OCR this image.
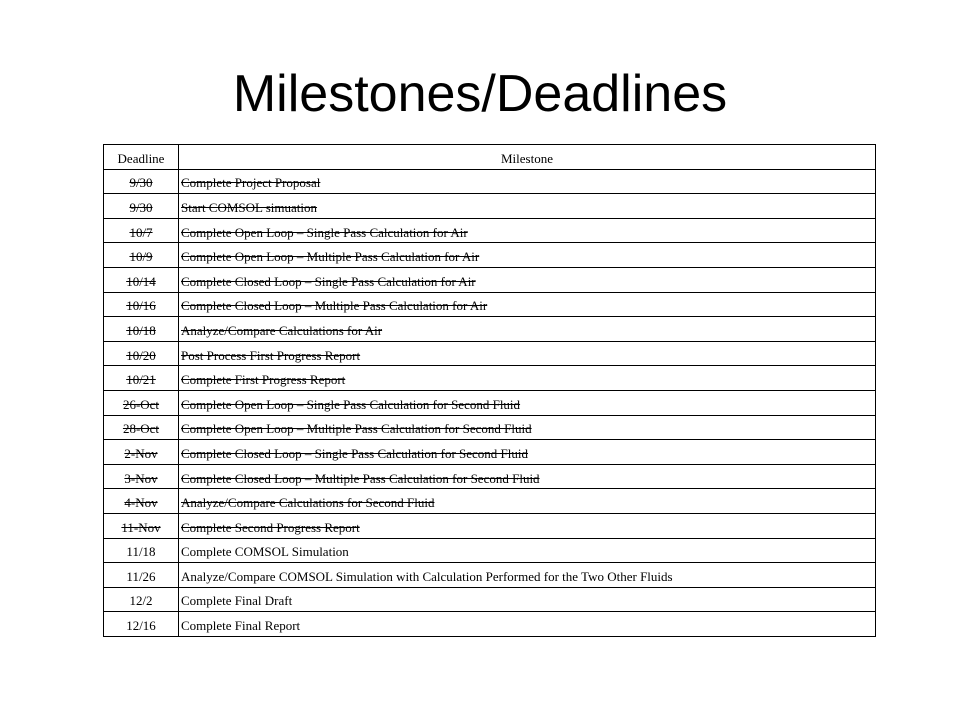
Milestones/Deadlines
Deadline	Milestone
9/30	Complete Project Proposal
9/30	Start COMSOL simuation
10/7	Complete Open Loop – Single Pass Calculation for Air
10/9	Complete Open Loop – Multiple Pass Calculation for Air
10/14	Complete Closed Loop – Single Pass Calculation for Air
10/16	Complete Closed Loop – Multiple Pass Calculation for Air
10/18	Analyze/Compare Calculations for Air
10/20	Post Process First Progress Report
10/21	Complete First Progress Report
26-Oct	Complete Open Loop – Single Pass Calculation for Second Fluid
28-Oct	Complete Open Loop – Multiple Pass Calculation for Second Fluid
2-Nov	Complete Closed Loop – Single Pass Calculation for Second Fluid
3-Nov	Complete Closed Loop – Multiple Pass Calculation for Second Fluid
4-Nov	Analyze/Compare Calculations for Second Fluid
11-Nov	Complete Second Progress Report
11/18	Complete COMSOL Simulation
11/26	Analyze/Compare COMSOL Simulation with Calculation Performed for the Two Other Fluids
12/2	Complete Final Draft
12/16	Complete Final Report
